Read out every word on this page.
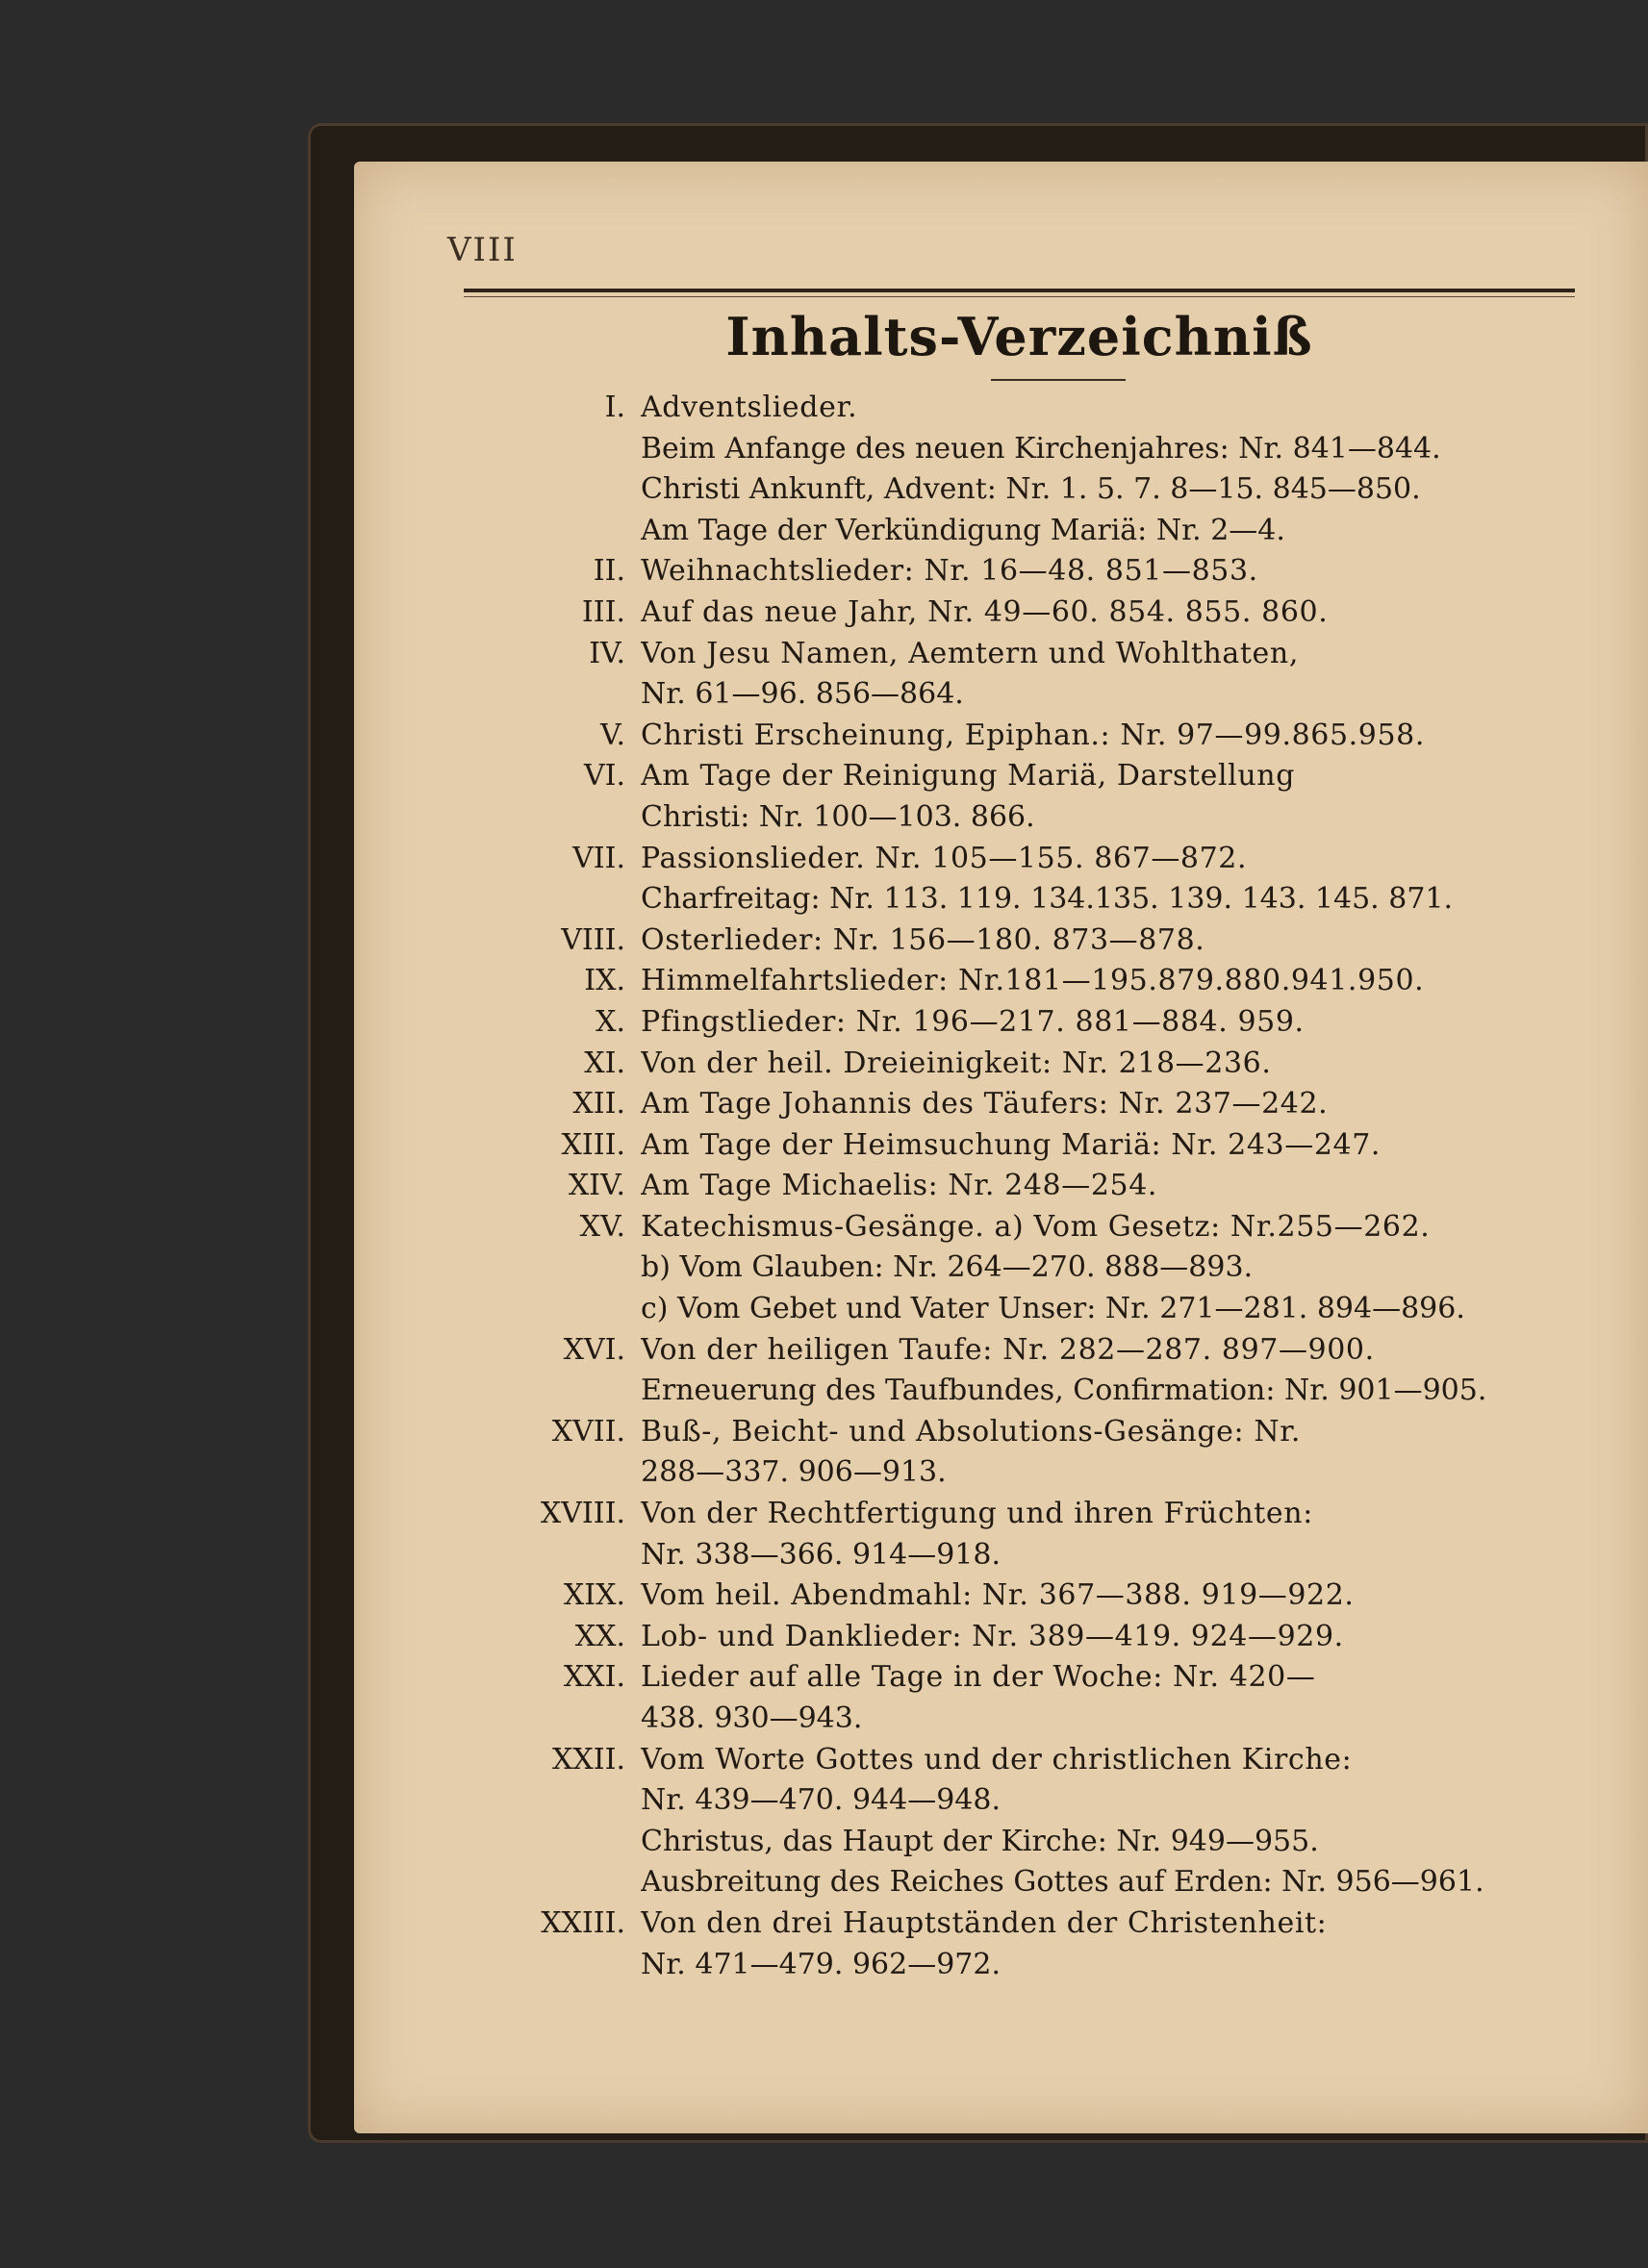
VIII
Inhalts-Verzeichniß
I. Adventslieder.
Beim Anfange des neuen Kirchenjahres: Nr. 841—844.
Christi Ankunft, Advent: Nr. 1. 5. 7. 8—15. 845—850.
Am Tage der Verkündigung Mariä: Nr. 2—4.
II. Weihnachtslieder: Nr. 16—48. 851—853.
III. Auf das neue Jahr, Nr. 49—60. 854. 855. 860.
IV. Von Jesu Namen, Aemtern und Wohlthaten,
Nr. 61—96. 856—864.
V. Christi Erscheinung, Epiphan.: Nr. 97—99.865.958.
VI. Am Tage der Reinigung Mariä, Darstellung
Christi: Nr. 100—103. 866.
VII. Passionslieder. Nr. 105—155. 867—872.
Charfreitag: Nr. 113. 119. 134.135. 139. 143. 145. 871.
VIII. Osterlieder: Nr. 156—180. 873—878.
IX. Himmelfahrtslieder: Nr.181—195.879.880.941.950.
X. Pfingstlieder: Nr. 196—217. 881—884. 959.
XI. Von der heil. Dreieinigkeit: Nr. 218—236.
XII. Am Tage Johannis des Täufers: Nr. 237—242.
XIII. Am Tage der Heimsuchung Mariä: Nr. 243—247.
XIV. Am Tage Michaelis: Nr. 248—254.
XV. Katechismus-Gesänge. a) Vom Gesetz: Nr.255—262.
b) Vom Glauben: Nr. 264—270. 888—893.
c) Vom Gebet und Vater Unser: Nr. 271—281. 894—896.
XVI. Von der heiligen Taufe: Nr. 282—287. 897—900.
Erneuerung des Taufbundes, Confirmation: Nr. 901—905.
XVII. Buß-, Beicht- und Absolutions-Gesänge: Nr.
288—337. 906—913.
XVIII. Von der Rechtfertigung und ihren Früchten:
Nr. 338—366. 914—918.
XIX. Vom heil. Abendmahl: Nr. 367—388. 919—922.
XX. Lob- und Danklieder: Nr. 389—419. 924—929.
XXI. Lieder auf alle Tage in der Woche: Nr. 420—
438. 930—943.
XXII. Vom Worte Gottes und der christlichen Kirche:
Nr. 439—470. 944—948.
Christus, das Haupt der Kirche: Nr. 949—955.
Ausbreitung des Reiches Gottes auf Erden: Nr. 956—961.
XXIII. Von den drei Hauptständen der Christenheit:
Nr. 471—479. 962—972.
